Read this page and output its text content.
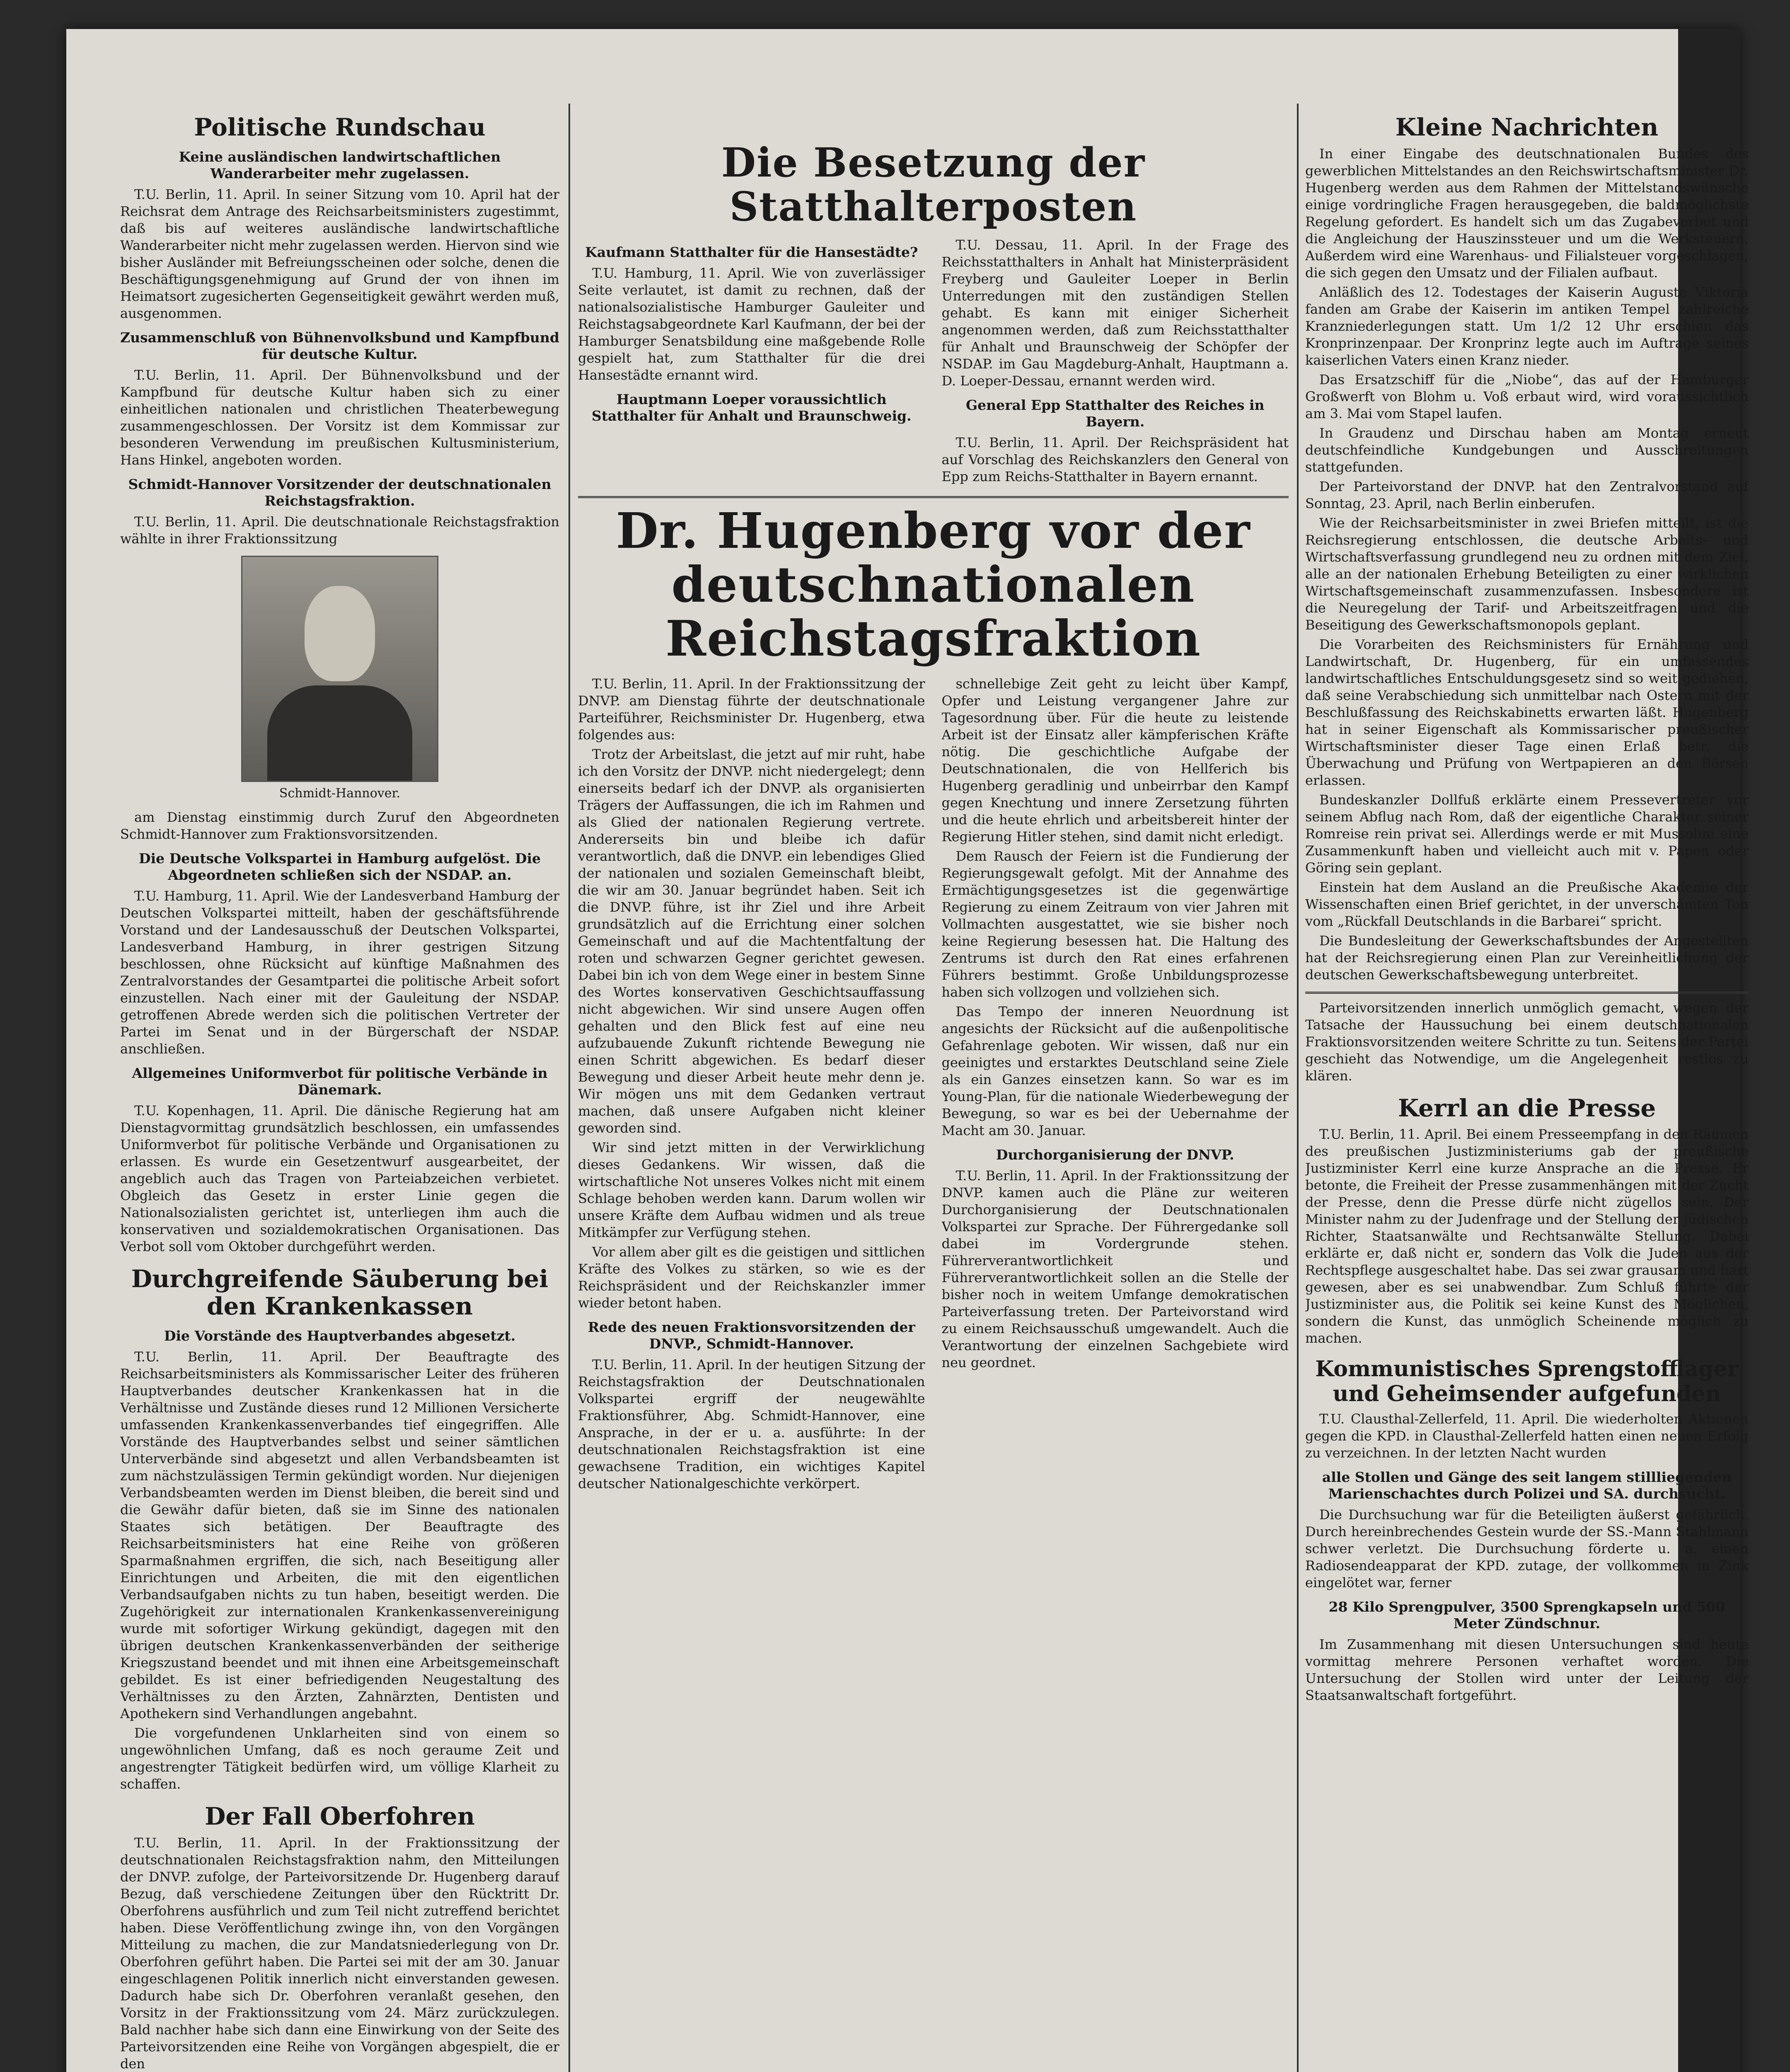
Politische Rundschau
Keine ausländischen landwirtschaftlichen Wanderarbeiter mehr zugelassen.

T.U. Berlin, 11. April. In seiner Sitzung vom 10. April hat der Reichsrat dem Antrage des Reichsarbeitsministers zugestimmt, daß bis auf weiteres ausländische landwirtschaftliche Wanderarbeiter nicht mehr zugelassen werden. Hiervon sind wie bisher Ausländer mit Befreiungsscheinen oder solche, denen die Beschäftigungsgenehmigung auf Grund der von ihnen im Heimatsort zugesicherten Gegenseitigkeit gewährt werden muß, ausgenommen.

Zusammenschluß von Bühnenvolksbund und Kampfbund für deutsche Kultur.

T.U. Berlin, 11. April. Der Bühnenvolksbund und der Kampfbund für deutsche Kultur haben sich zu einer einheitlichen nationalen und christlichen Theaterbewegung zusammengeschlossen. Der Vorsitz ist dem Kommissar zur besonderen Verwendung im preußischen Kultusministerium, Hans Hinkel, angeboten worden.

Schmidt-Hannover Vorsitzender der deutschnationalen Reichstagsfraktion.

T.U. Berlin, 11. April. Die deutschnationale Reichstagsfraktion wählte in ihrer Fraktionssitzung

Schmidt-Hannover.

am Dienstag einstimmig durch Zuruf den Abgeordneten Schmidt-Hannover zum Fraktionsvorsitzenden.

Die Deutsche Volkspartei in Hamburg aufgelöst. Die Abgeordneten schließen sich der NSDAP. an.

T.U. Hamburg, 11. April. Wie der Landesverband Hamburg der Deutschen Volkspartei mitteilt, haben der geschäftsführende Vorstand und der Landesausschuß der Deutschen Volkspartei, Landesverband Hamburg, in ihrer gestrigen Sitzung beschlossen, ohne Rücksicht auf künftige Maßnahmen des Zentralvorstandes der Gesamtpartei die politische Arbeit sofort einzustellen. Nach einer mit der Gauleitung der NSDAP. getroffenen Abrede werden sich die politischen Vertreter der Partei im Senat und in der Bürgerschaft der NSDAP. anschließen.

Allgemeines Uniformverbot für politische Verbände in Dänemark.

T.U. Kopenhagen, 11. April. Die dänische Regierung hat am Dienstagvormittag grundsätzlich beschlossen, ein umfassendes Uniformverbot für politische Verbände und Organisationen zu erlassen. Es wurde ein Gesetzentwurf ausgearbeitet, der angeblich auch das Tragen von Parteiabzeichen verbietet. Obgleich das Gesetz in erster Linie gegen die Nationalsozialisten gerichtet ist, unterliegen ihm auch die konservativen und sozialdemokratischen Organisationen. Das Verbot soll vom Oktober durchgeführt werden.

Durchgreifende Säuberung bei den Krankenkassen
Die Vorstände des Hauptverbandes abgesetzt.

T.U. Berlin, 11. April. Der Beauftragte des Reichsarbeitsministers als Kommissarischer Leiter des früheren Hauptverbandes deutscher Krankenkassen hat in die Verhältnisse und Zustände dieses rund 12 Millionen Versicherte umfassenden Krankenkassenverbandes tief eingegriffen. Alle Vorstände des Hauptverbandes selbst und seiner sämtlichen Unterverbände sind abgesetzt und allen Verbandsbeamten ist zum nächstzulässigen Termin gekündigt worden. Nur diejenigen Verbandsbeamten werden im Dienst bleiben, die bereit sind und die Gewähr dafür bieten, daß sie im Sinne des nationalen Staates sich betätigen. Der Beauftragte des Reichsarbeitsministers hat eine Reihe von größeren Sparmaßnahmen ergriffen, die sich, nach Beseitigung aller Einrichtungen und Arbeiten, die mit den eigentlichen Verbandsaufgaben nichts zu tun haben, beseitigt werden. Die Zugehörigkeit zur internationalen Krankenkassenvereinigung wurde mit sofortiger Wirkung gekündigt, dagegen mit den übrigen deutschen Krankenkassenverbänden der seitherige Kriegszustand beendet und mit ihnen eine Arbeitsgemeinschaft gebildet. Es ist einer befriedigenden Neugestaltung des Verhältnisses zu den Ärzten, Zahnärzten, Dentisten und Apothekern sind Verhandlungen angebahnt.

Die vorgefundenen Unklarheiten sind von einem so ungewöhnlichen Umfang, daß es noch geraume Zeit und angestrengter Tätigkeit bedürfen wird, um völlige Klarheit zu schaffen.

Der Fall Oberfohren

T.U. Berlin, 11. April. In der Fraktionssitzung der deutschnationalen Reichstagsfraktion nahm, den Mitteilungen der DNVP. zufolge, der Parteivorsitzende Dr. Hugenberg darauf Bezug, daß verschiedene Zeitungen über den Rücktritt Dr. Oberfohrens ausführlich und zum Teil nicht zutreffend berichtet haben. Diese Veröffentlichung zwinge ihn, von den Vorgängen Mitteilung zu machen, die zur Mandatsniederlegung von Dr. Oberfohren geführt haben. Die Partei sei mit der am 30. Januar eingeschlagenen Politik innerlich nicht einverstanden gewesen. Dadurch habe sich Dr. Oberfohren veranlaßt gesehen, den Vorsitz in der Fraktionssitzung vom 24. März zurückzulegen. Bald nachher habe sich dann eine Einwirkung von der Seite des Parteivorsitzenden eine Reihe von Vorgängen abgespielt, die er den

Die Besetzung der Statthalterposten
Kaufmann Statthalter für die Hansestädte?

T.U. Hamburg, 11. April. Wie von zuverlässiger Seite verlautet, ist damit zu rechnen, daß der nationalsozialistische Hamburger Gauleiter und Reichstagsabgeordnete Karl Kaufmann, der bei der Hamburger Senatsbildung eine maßgebende Rolle gespielt hat, zum Statthalter für die drei Hansestädte ernannt wird.

Hauptmann Loeper voraussichtlich Statthalter für Anhalt und Braunschweig.

T.U. Dessau, 11. April. In der Frage des Reichsstatthalters in Anhalt hat Ministerpräsident Freyberg und Gauleiter Loeper in Berlin Unterredungen mit den zuständigen Stellen gehabt. Es kann mit einiger Sicherheit angenommen werden, daß zum Reichsstatthalter für Anhalt und Braunschweig der Schöpfer der NSDAP. im Gau Magdeburg-Anhalt, Hauptmann a. D. Loeper-Dessau, ernannt werden wird.

General Epp Statthalter des Reiches in Bayern.

T.U. Berlin, 11. April. Der Reichspräsident hat auf Vorschlag des Reichskanzlers den General von Epp zum Reichs-Statthalter in Bayern ernannt.

Dr. Hugenberg vor der deutschnationalen Reichstagsfraktion

T.U. Berlin, 11. April. In der Fraktionssitzung der DNVP. am Dienstag führte der deutschnationale Parteiführer, Reichsminister Dr. Hugenberg, etwa folgendes aus:

Trotz der Arbeitslast, die jetzt auf mir ruht, habe ich den Vorsitz der DNVP. nicht niedergelegt; denn einerseits bedarf ich der DNVP. als organisierten Trägers der Auffassungen, die ich im Rahmen und als Glied der nationalen Regierung vertrete. Andererseits bin und bleibe ich dafür verantwortlich, daß die DNVP. ein lebendiges Glied der nationalen und sozialen Gemeinschaft bleibt, die wir am 30. Januar begründet haben. Seit ich die DNVP. führe, ist ihr Ziel und ihre Arbeit grundsätzlich auf die Errichtung einer solchen Gemeinschaft und auf die Machtentfaltung der roten und schwarzen Gegner gerichtet gewesen. Dabei bin ich von dem Wege einer in bestem Sinne des Wortes konservativen Geschichtsauffassung nicht abgewichen. Wir sind unsere Augen offen gehalten und den Blick fest auf eine neu aufzubauende Zukunft richtende Bewegung nie einen Schritt abgewichen. Es bedarf dieser Bewegung und dieser Arbeit heute mehr denn je. Wir mögen uns mit dem Gedanken vertraut machen, daß unsere Aufgaben nicht kleiner geworden sind.

Wir sind jetzt mitten in der Verwirklichung dieses Gedankens. Wir wissen, daß die wirtschaftliche Not unseres Volkes nicht mit einem Schlage behoben werden kann. Darum wollen wir unsere Kräfte dem Aufbau widmen und als treue Mitkämpfer zur Verfügung stehen.

Vor allem aber gilt es die geistigen und sittlichen Kräfte des Volkes zu stärken, so wie es der Reichspräsident und der Reichskanzler immer wieder betont haben.

Rede des neuen Fraktionsvorsitzenden der DNVP., Schmidt-Hannover.

T.U. Berlin, 11. April. In der heutigen Sitzung der Reichstagsfraktion der Deutschnationalen Volkspartei ergriff der neugewählte Fraktionsführer, Abg. Schmidt-Hannover, eine Ansprache, in der er u. a. ausführte: In der deutschnationalen Reichstagsfraktion ist eine gewachsene Tradition, ein wichtiges Kapitel deutscher Nationalgeschichte verkörpert.

schnellebige Zeit geht zu leicht über Kampf, Opfer und Leistung vergangener Jahre zur Tagesordnung über. Für die heute zu leistende Arbeit ist der Einsatz aller kämpferischen Kräfte nötig. Die geschichtliche Aufgabe der Deutschnationalen, die von Hellferich bis Hugenberg geradlinig und unbeirrbar den Kampf gegen Knechtung und innere Zersetzung führten und die heute ehrlich und arbeitsbereit hinter der Regierung Hitler stehen, sind damit nicht erledigt.

Dem Rausch der Feiern ist die Fundierung der Regierungsgewalt gefolgt. Mit der Annahme des Ermächtigungsgesetzes ist die gegenwärtige Regierung zu einem Zeitraum von vier Jahren mit Vollmachten ausgestattet, wie sie bisher noch keine Regierung besessen hat. Die Haltung des Zentrums ist durch den Rat eines erfahrenen Führers bestimmt. Große Unbildungsprozesse haben sich vollzogen und vollziehen sich.

Das Tempo der inneren Neuordnung ist angesichts der Rücksicht auf die außenpolitische Gefahrenlage geboten. Wir wissen, daß nur ein geeinigtes und erstarktes Deutschland seine Ziele als ein Ganzes einsetzen kann. So war es im Young-Plan, für die nationale Wiederbewegung der Bewegung, so war es bei der Uebernahme der Macht am 30. Januar.

Durchorganisierung der DNVP.

T.U. Berlin, 11. April. In der Fraktionssitzung der DNVP. kamen auch die Pläne zur weiteren Durchorganisierung der Deutschnationalen Volkspartei zur Sprache. Der Führergedanke soll dabei im Vordergrunde stehen. Führerverantwortlichkeit und Führerverantwortlichkeit sollen an die Stelle der bisher noch in weitem Umfange demokratischen Parteiverfassung treten. Der Parteivorstand wird zu einem Reichsausschuß umgewandelt. Auch die Verantwortung der einzelnen Sachgebiete wird neu geordnet.

Kleine Nachrichten

In einer Eingabe des deutschnationalen Bundes des gewerblichen Mittelstandes an den Reichswirtschaftsminister Dr. Hugenberg werden aus dem Rahmen der Mittelstandswünsche einige vordringliche Fragen herausgegeben, die baldmöglichste Regelung gefordert. Es handelt sich um das Zugabeverbot und die Angleichung der Hauszinssteuer und um die Werksteuern. Außerdem wird eine Warenhaus- und Filialsteuer vorgeschlagen, die sich gegen den Umsatz und der Filialen aufbaut.

Anläßlich des 12. Todestages der Kaiserin Auguste Viktoria fanden am Grabe der Kaiserin im antiken Tempel zahlreiche Kranzniederlegungen statt. Um 1/2 12 Uhr erschien das Kronprinzenpaar. Der Kronprinz legte auch im Auftrage seines kaiserlichen Vaters einen Kranz nieder.

Das Ersatzschiff für die „Niobe“, das auf der Hamburger Großwerft von Blohm u. Voß erbaut wird, wird voraussichtlich am 3. Mai vom Stapel laufen.

In Graudenz und Dirschau haben am Montag erneut deutschfeindliche Kundgebungen und Ausschreitungen stattgefunden.

Der Parteivorstand der DNVP. hat den Zentralvorstand auf Sonntag, 23. April, nach Berlin einberufen.

Wie der Reichsarbeitsminister in zwei Briefen mitteilt, ist die Reichsregierung entschlossen, die deutsche Arbeits- und Wirtschaftsverfassung grundlegend neu zu ordnen mit dem Ziel, alle an der nationalen Erhebung Beteiligten zu einer wirklichen Wirtschaftsgemeinschaft zusammenzufassen. Insbesondere ist die Neuregelung der Tarif- und Arbeitszeitfragen und die Beseitigung des Gewerkschaftsmonopols geplant.

Die Vorarbeiten des Reichsministers für Ernährung und Landwirtschaft, Dr. Hugenberg, für ein umfassendes landwirtschaftliches Entschuldungsgesetz sind so weit gediehen, daß seine Verabschiedung sich unmittelbar nach Ostern mit der Beschlußfassung des Reichskabinetts erwarten läßt. Hugenberg hat in seiner Eigenschaft als Kommissarischer preußischer Wirtschaftsminister dieser Tage einen Erlaß betr. die Überwachung und Prüfung von Wertpapieren an den Börsen erlassen.

Bundeskanzler Dollfuß erklärte einem Pressevertreter vor seinem Abflug nach Rom, daß der eigentliche Charakter seiner Romreise rein privat sei. Allerdings werde er mit Mussolini eine Zusammenkunft haben und vielleicht auch mit v. Papen oder Göring sein geplant.

Einstein hat dem Ausland an die Preußische Akademie der Wissenschaften einen Brief gerichtet, in der unverschämten Ton vom „Rückfall Deutschlands in die Barbarei“ spricht.

Die Bundesleitung der Gewerkschaftsbundes der Angestellten hat der Reichsregierung einen Plan zur Vereinheitlichung der deutschen Gewerkschaftsbewegung unterbreitet.

Parteivorsitzenden innerlich unmöglich gemacht, wegen der Tatsache der Haussuchung bei einem deutschnationalen Fraktionsvorsitzenden weitere Schritte zu tun. Seitens der Partei geschieht das Notwendige, um die Angelegenheit restlos zu klären.

Kerrl an die Presse

T.U. Berlin, 11. April. Bei einem Presseempfang in den Räumen des preußischen Justizministeriums gab der preußische Justizminister Kerrl eine kurze Ansprache an die Presse. Er betonte, die Freiheit der Presse zusammenhängen mit der Zucht der Presse, denn die Presse dürfe nicht zügellos sein. Der Minister nahm zu der Judenfrage und der Stellung der jüdischen Richter, Staatsanwälte und Rechtsanwälte Stellung. Dabei erklärte er, daß nicht er, sondern das Volk die Juden aus der Rechtspflege ausgeschaltet habe. Das sei zwar grausam und hart gewesen, aber es sei unabwendbar. Zum Schluß führte der Justizminister aus, die Politik sei keine Kunst des Möglichen, sondern die Kunst, das unmöglich Scheinende möglich zu machen.

Kommunistisches Sprengstofflager und Geheimsender aufgefunden

T.U. Clausthal-Zellerfeld, 11. April. Die wiederholten Aktionen gegen die KPD. in Clausthal-Zellerfeld hatten einen neuen Erfolg zu verzeichnen. In der letzten Nacht wurden

alle Stollen und Gänge des seit langem stillliegenden Marienschachtes durch Polizei und SA. durchsucht.

Die Durchsuchung war für die Beteiligten äußerst gefährlich. Durch hereinbrechendes Gestein wurde der SS.-Mann Stahlmann schwer verletzt. Die Durchsuchung förderte u. a. einen Radiosendeapparat der KPD. zutage, der vollkommen in Zink eingelötet war, ferner

28 Kilo Sprengpulver, 3500 Sprengkapseln und 500 Meter Zündschnur.

Im Zusammenhang mit diesen Untersuchungen sind heute vormittag mehrere Personen verhaftet worden. Die Untersuchung der Stollen wird unter der Leitung der Staatsanwaltschaft fortgeführt.
